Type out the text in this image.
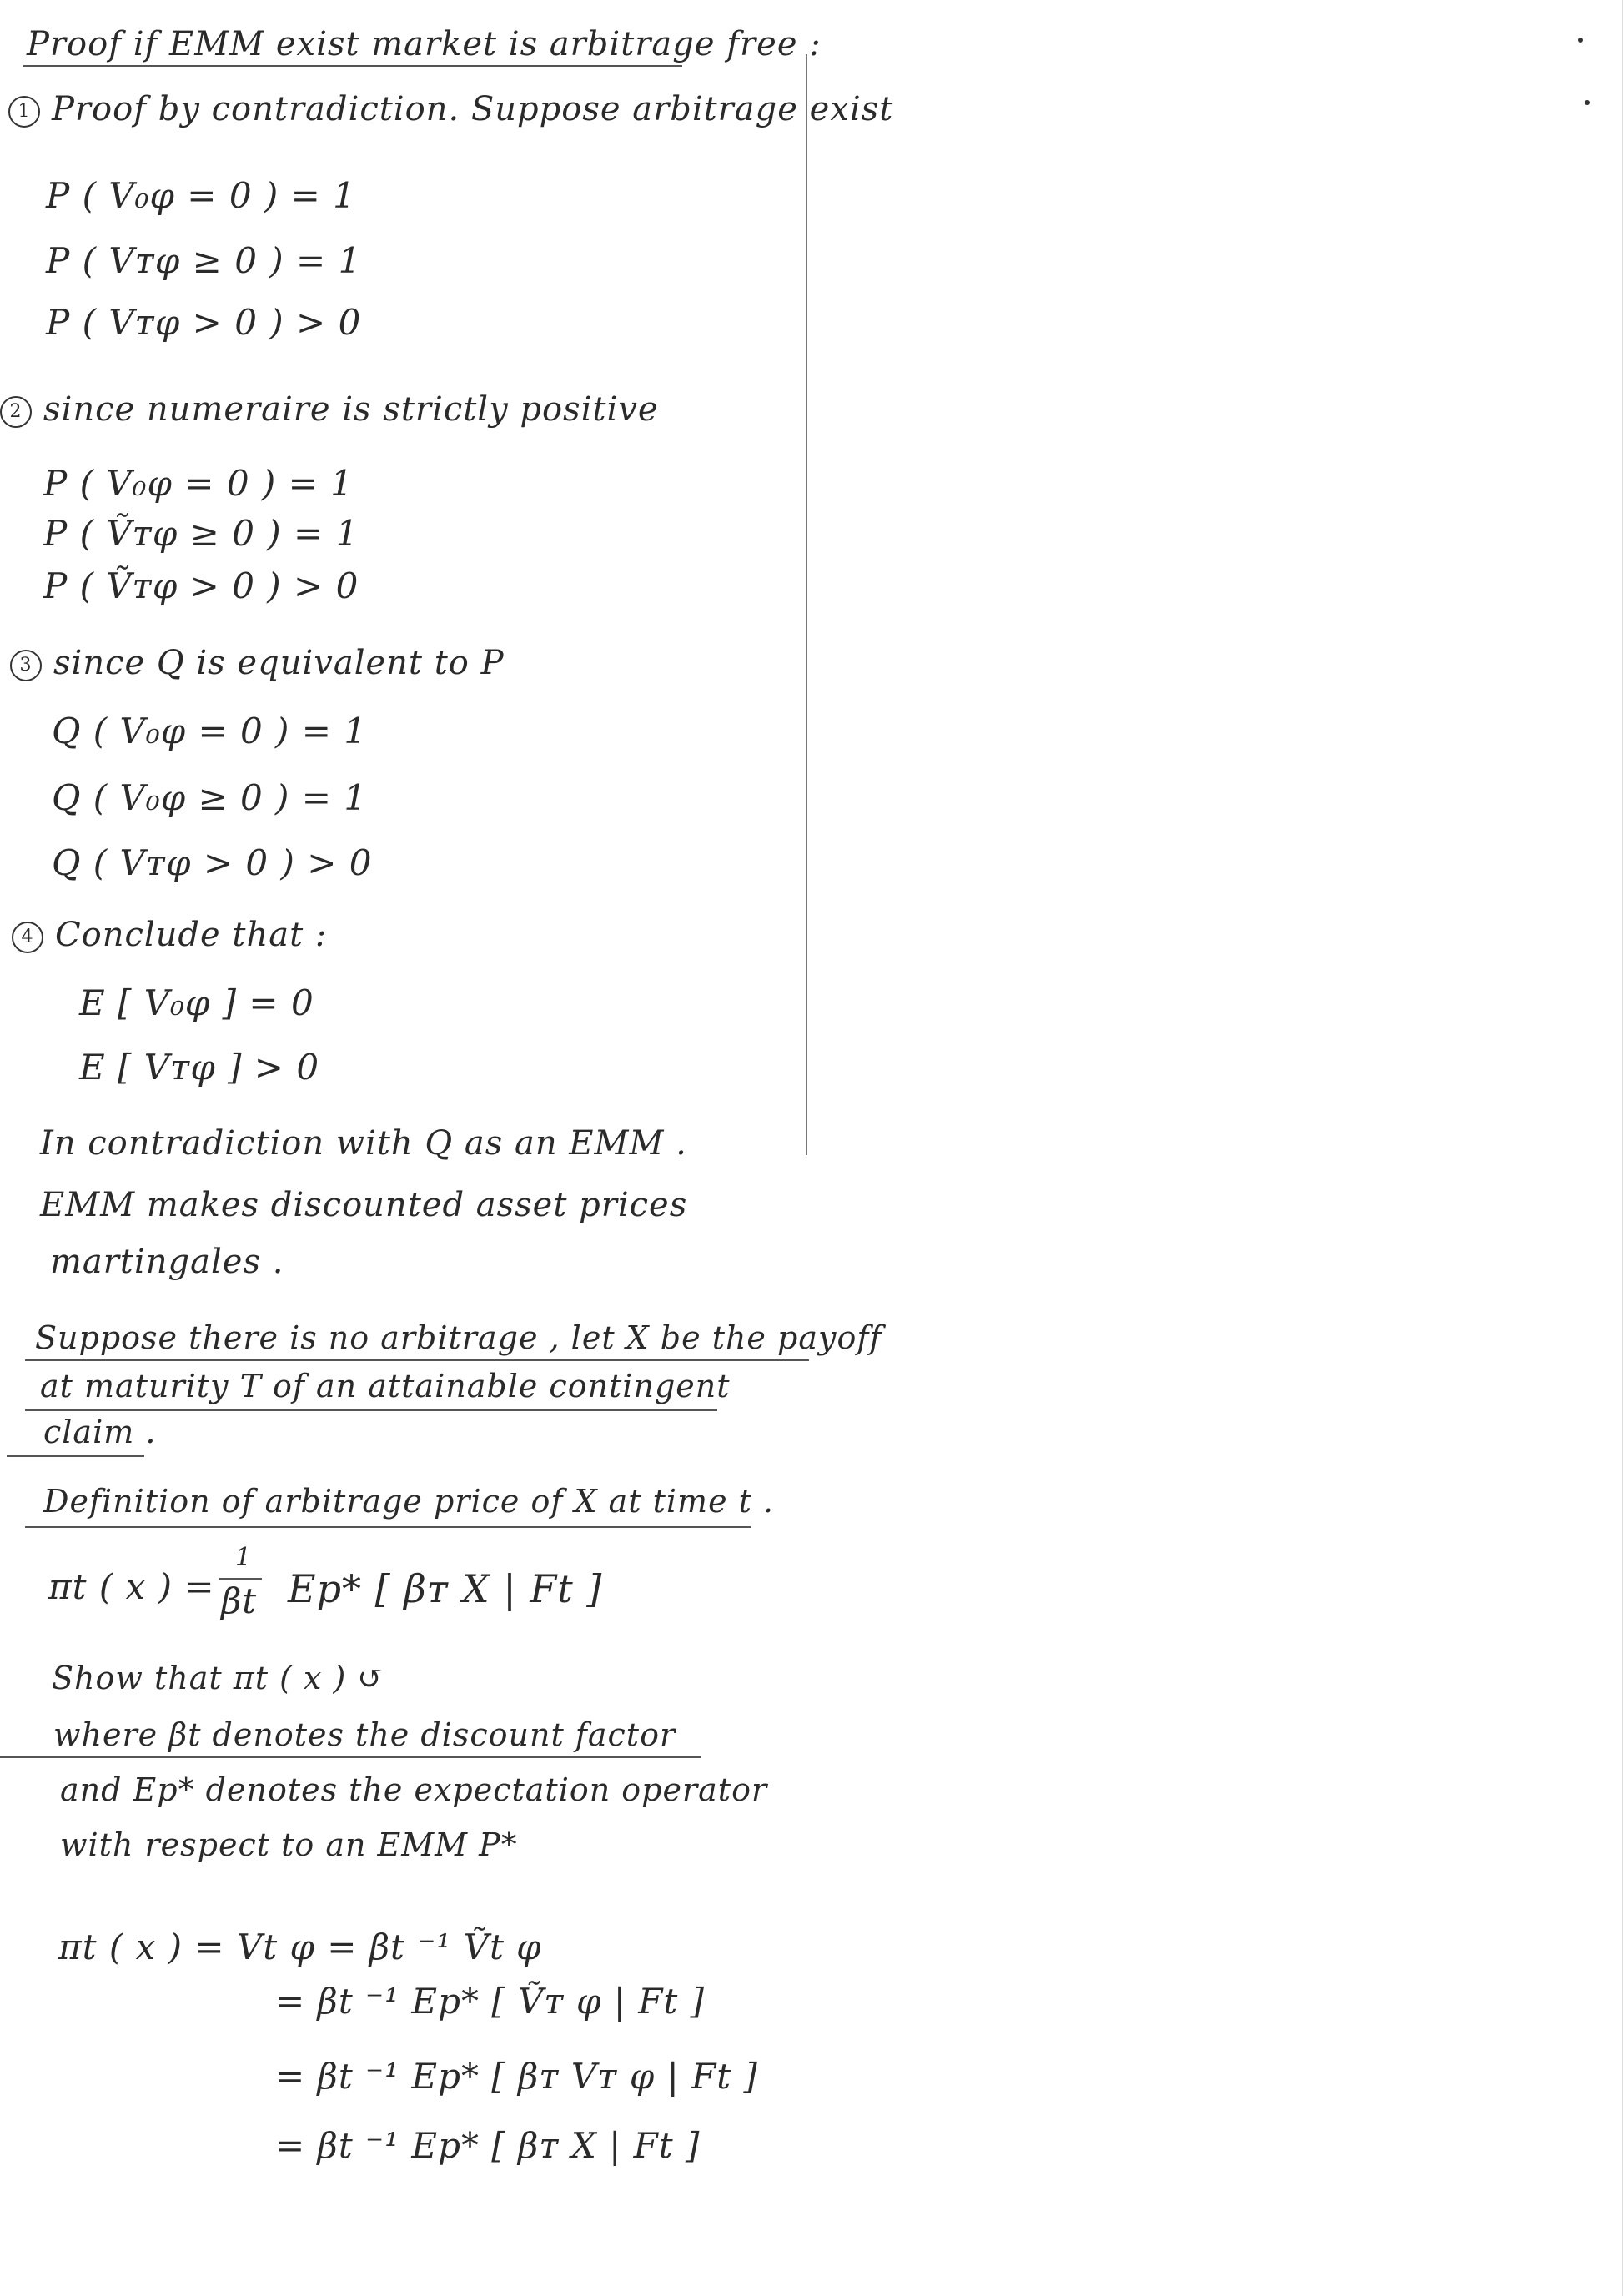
Proof if EMM exist market is arbitrage free :
1 Proof by contradiction. Suppose arbitrage exist
P ( V₀φ = 0 ) = 1
P ( Vᴛφ ≥ 0 ) = 1
P ( Vᴛφ > 0 ) > 0
2 since numeraire is strictly positive
P ( V₀φ = 0 ) = 1
P ( Ṽᴛφ ≥ 0 ) = 1
P ( Ṽᴛφ > 0 ) > 0
3 since Q is equivalent to P
Q ( V₀φ = 0 ) = 1
Q ( V₀φ ≥ 0 ) = 1
Q ( Vᴛφ > 0 ) > 0
4 Conclude that :
E [ V₀φ ] = 0
E [ Vᴛφ ] > 0
In contradiction with Q as an EMM .
EMM makes discounted asset prices
martingales .
Suppose there is no arbitrage , let X be the payoff
at maturity T of an attainable contingent
claim .
Definition of arbitrage price of X at time t .
πt ( x ) =
1
βt Ep* [ βᴛ X | Ft ]
Show that πt ( x ) ↺
where βt denotes the discount factor
and Ep* denotes the expectation operator
with respect to an EMM P*
πt ( x ) = Vt φ = βt ⁻¹ Ṽt φ
= βt ⁻¹ Ep* [ Ṽᴛ φ | Ft ]
= βt ⁻¹ Ep* [ βᴛ Vᴛ φ | Ft ]
= βt ⁻¹ Ep* [ βᴛ X | Ft ]
